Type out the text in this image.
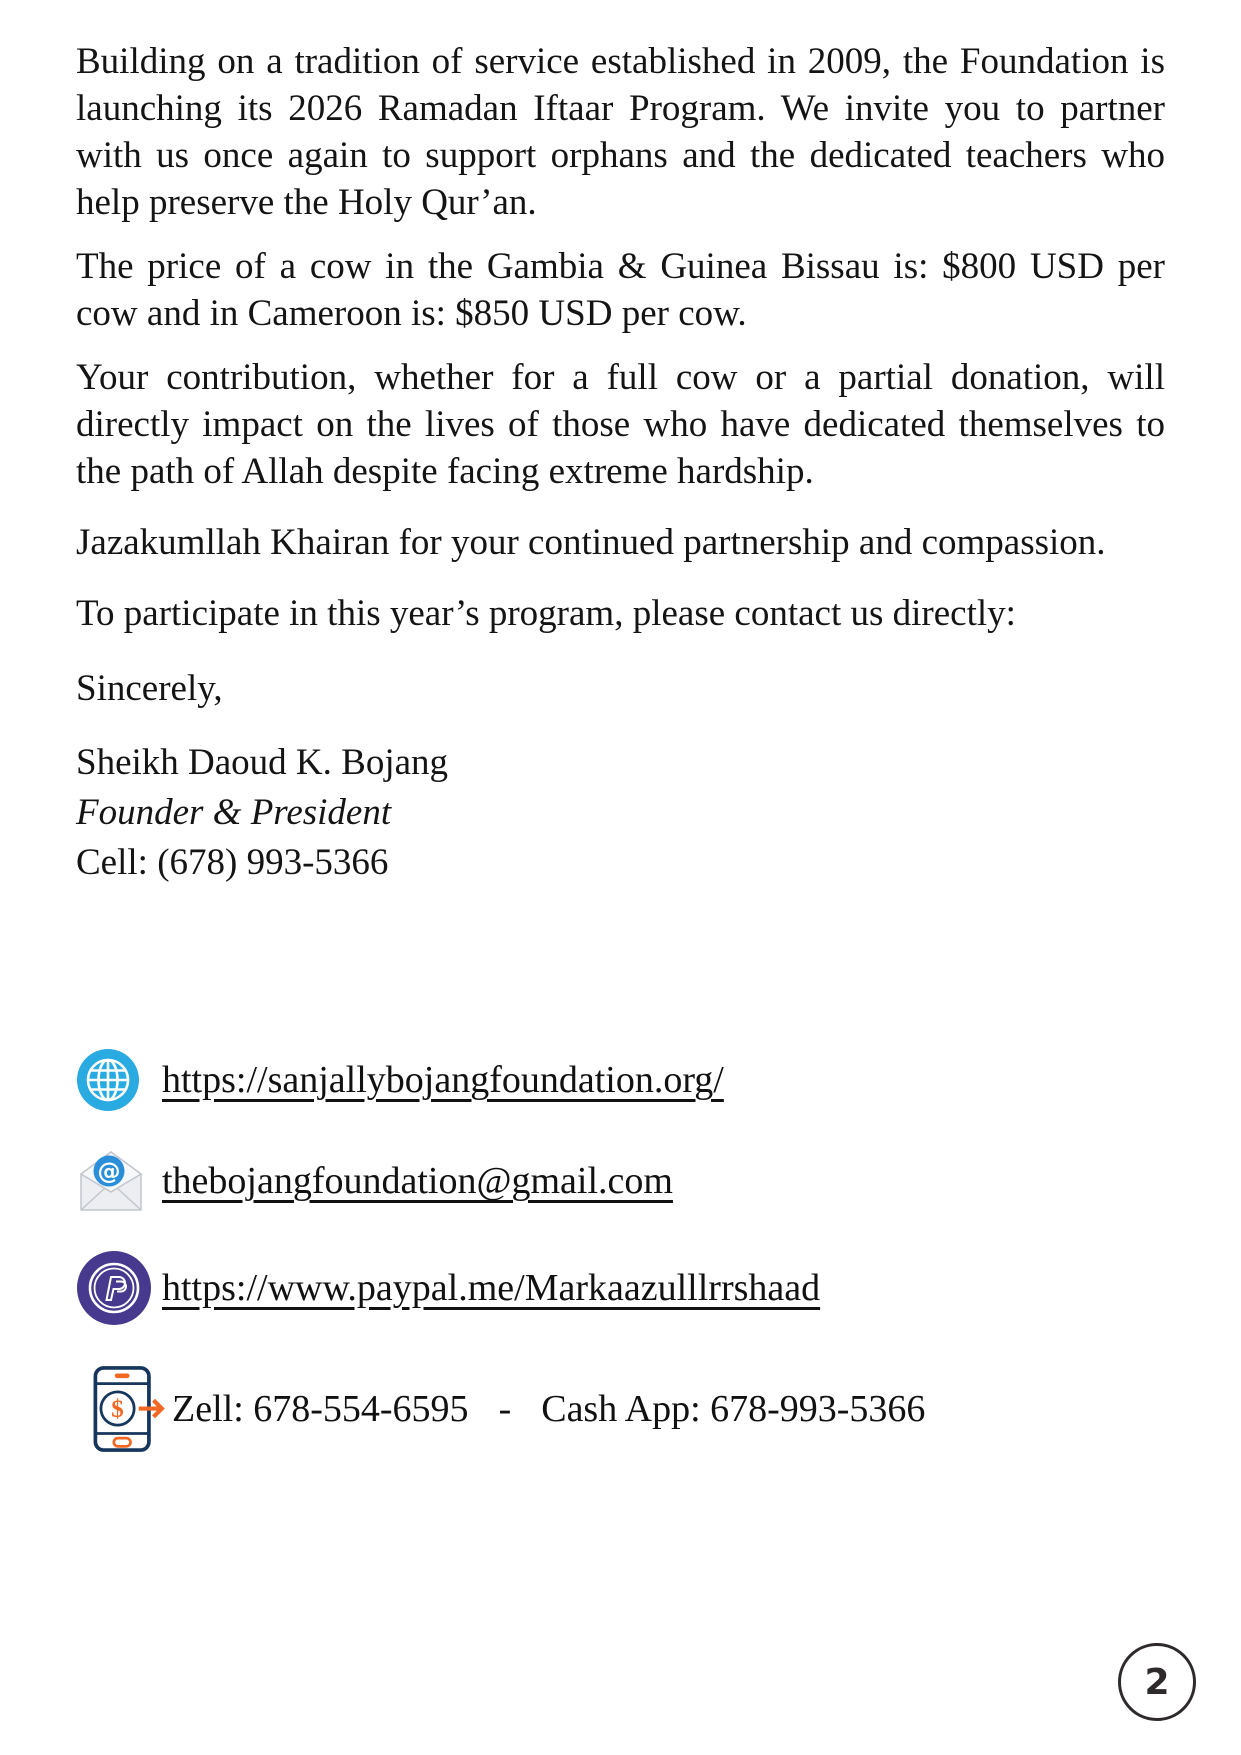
Building on a tradition of service established in 2009, the Foundation is launching its 2026 Ramadan Iftaar Program. We invite you to partner with us once again to support orphans and the dedicated teachers who help preserve the Holy Qur’an.

The price of a cow in the Gambia & Guinea Bissau is: $800 USD per cow and in Cameroon is: $850 USD per cow.

Your contribution, whether for a full cow or a partial donation, will directly impact on the lives of those who have dedicated themselves to the path of Allah despite facing extreme hardship.

Jazakumllah Khairan for your continued partnership and compassion.

To participate in this year’s program, please contact us directly:

Sincerely,

Sheikh Daoud K. Bojang
Founder & President
Cell: (678) 993-5366

https://sanjallybojangfoundation.org/
@ thebojangfoundation@gmail.com
https://www.paypal.me/Markaazulllrrshaad
$ Zell: 678-554-6595 - Cash App: 678-993-5366
2
